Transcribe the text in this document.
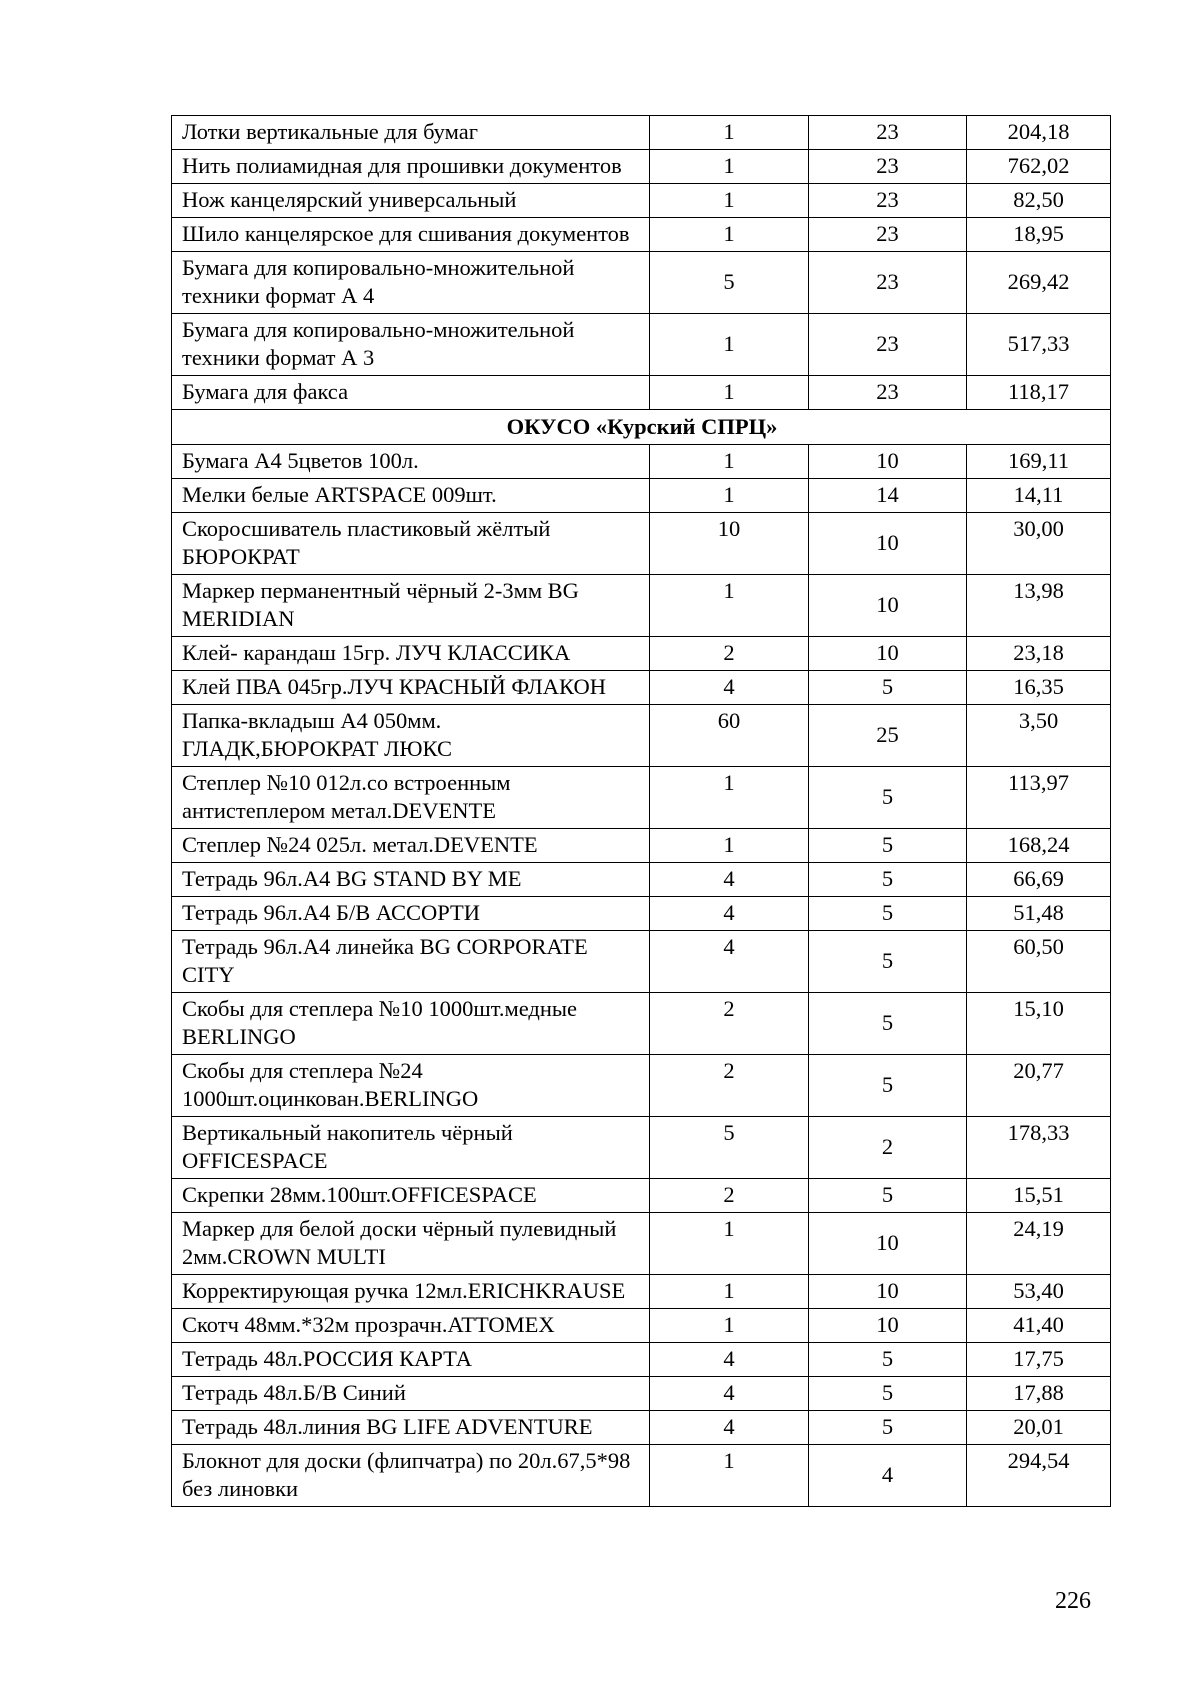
Лотки вертикальные для бумаг	1	23	204,18
Нить полиамидная для прошивки документов	1	23	762,02
Нож канцелярский универсальный	1	23	82,50
Шило канцелярское для сшивания документов	1	23	18,95
Бумага для копировально-множительной техники формат А 4	5	23	269,42
Бумага для копировально-множительной техники формат А 3	1	23	517,33
Бумага для факса	1	23	118,17
ОКУСО «Курский СПРЦ»			
Бумага А4 5цветов 100л.	1	10	169,11
Мелки белые ARTSPACE 009шт.	1	14	14,11
Скоросшиватель пластиковый жёлтый БЮРОКРАТ	10	10	30,00
Маркер перманентный чёрный 2-3мм BG MERIDIAN	1	10	13,98
Клей- карандаш 15гр. ЛУЧ КЛАССИКА	2	10	23,18
Клей ПВА 045гр.ЛУЧ КРАСНЫЙ ФЛАКОН	4	5	16,35
Папка-вкладыш А4 050мм. ГЛАДК,БЮРОКРАТ ЛЮКС	60	25	3,50
Степлер №10 012л.со встроенным антистеплером метал.DEVENTE	1	5	113,97
Степлер №24 025л. метал.DEVENTE	1	5	168,24
Тетрадь 96л.А4 BG STAND BY ME	4	5	66,69
Тетрадь 96л.А4 Б/В АССОРТИ	4	5	51,48
Тетрадь 96л.А4 линейка BG CORPORATE CITY	4	5	60,50
Скобы для степлера №10 1000шт.медные BERLINGO	2	5	15,10
Скобы для степлера №24 1000шт.оцинкован.BERLINGO	2	5	20,77
Вертикальный накопитель чёрный OFFICESPACE	5	2	178,33
Скрепки 28мм.100шт.OFFICESPACE	2	5	15,51
Маркер для белой доски чёрный пулевидный 2мм.CROWN MULTI	1	10	24,19
Корректирующая ручка 12мл.ERICHKRAUSE	1	10	53,40
Скотч 48мм.*32м прозрачн.ATTOMEX	1	10	41,40
Тетрадь 48л.РОССИЯ КАРТА	4	5	17,75
Тетрадь 48л.Б/В Синий	4	5	17,88
Тетрадь 48л.линия BG LIFE ADVENTURE	4	5	20,01
Блокнот для доски (флипчатра) по 20л.67,5*98 без линовки	1	4	294,54
226
